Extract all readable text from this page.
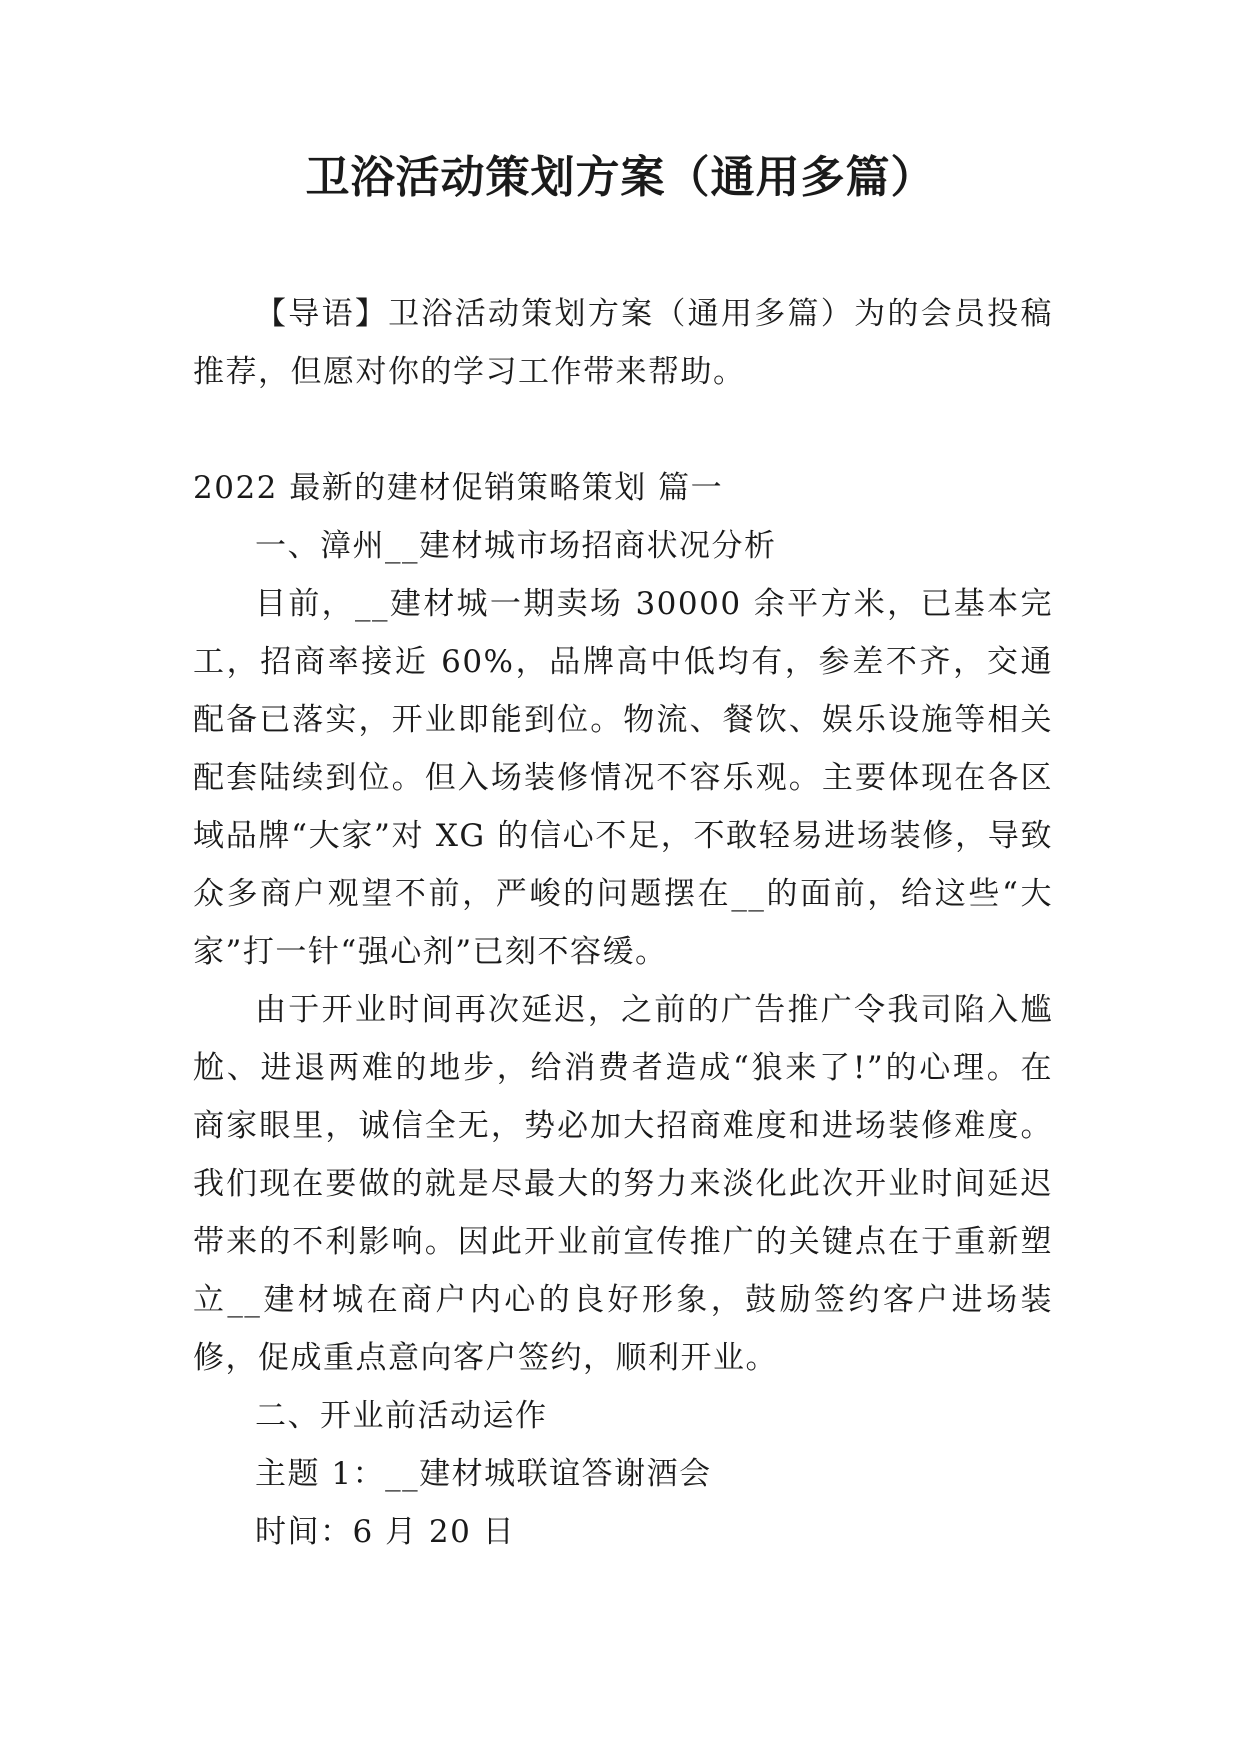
卫浴活动策划方案（通用多篇）

【导语】卫浴活动策划方案（通用多篇）为的会员投稿推荐，但愿对你的学习工作带来帮助。

2022 最新的建材促销策略策划 篇一

一、漳州__建材城市场招商状况分析

目前，__建材城一期卖场 30000 余平方米，已基本完工，招商率接近 60%，品牌高中低均有，参差不齐，交通配备已落实，开业即能到位。物流、餐饮、娱乐设施等相关配套陆续到位。但入场装修情况不容乐观。主要体现在各区域品牌“大家”对 XG 的信心不足，不敢轻易进场装修，导致众多商户观望不前，严峻的问题摆在__的面前，给这些“大家”打一针“强心剂”已刻不容缓。

由于开业时间再次延迟，之前的广告推广令我司陷入尴尬、进退两难的地步，给消费者造成“狼来了!”的心理。在商家眼里，诚信全无，势必加大招商难度和进场装修难度。我们现在要做的就是尽最大的努力来淡化此次开业时间延迟带来的不利影响。因此开业前宣传推广的关键点在于重新塑立__建材城在商户内心的良好形象，鼓励签约客户进场装修，促成重点意向客户签约，顺利开业。

二、开业前活动运作

主题 1：__建材城联谊答谢酒会

时间：6 月 20 日
